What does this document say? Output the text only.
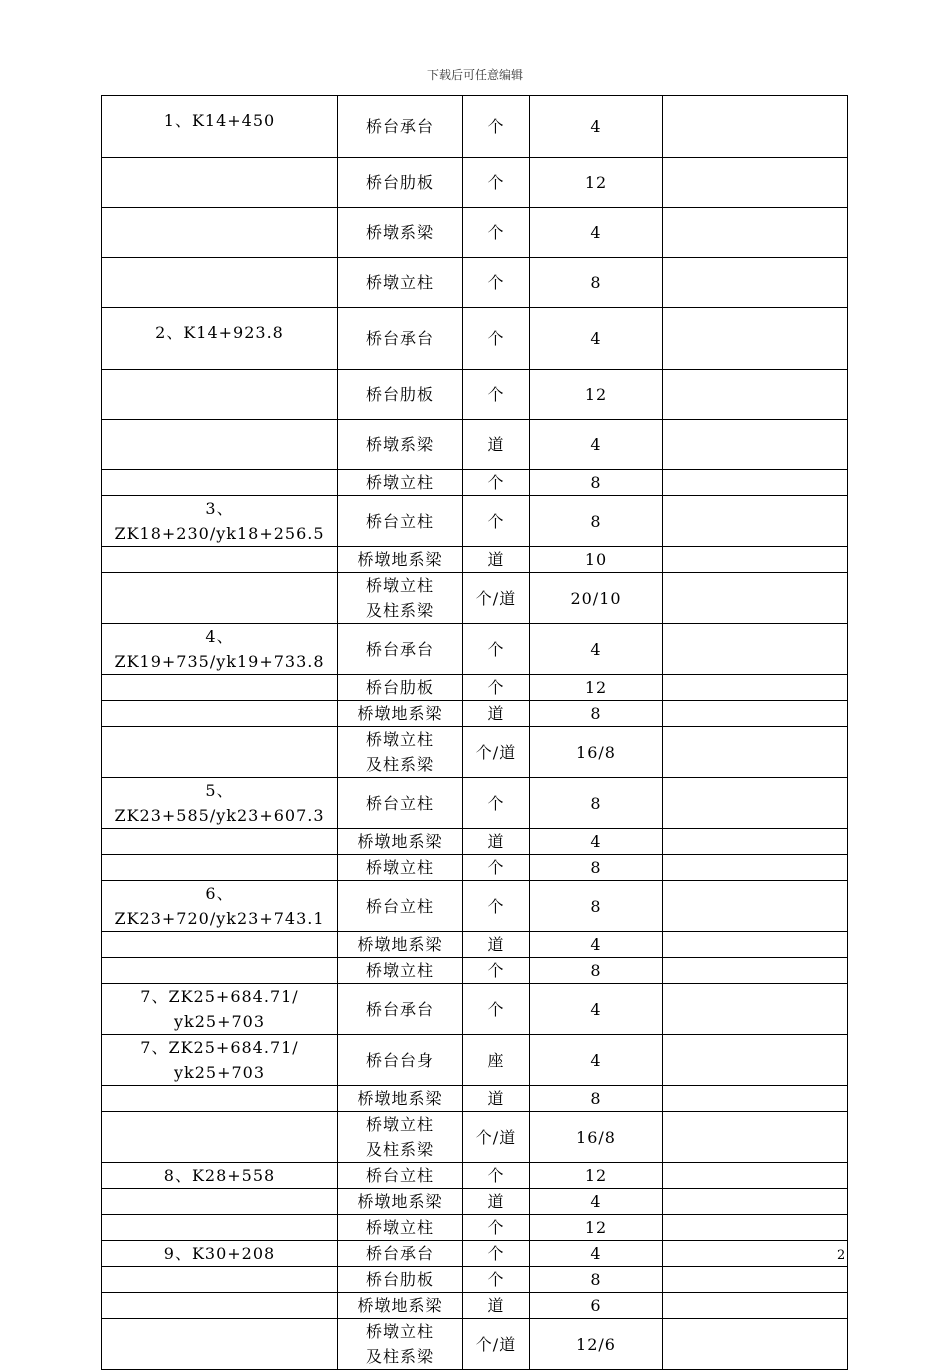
下载后可任意编辑
1、K14+450	桥台承台	个	4	
	桥台肋板	个	12	
	桥墩系梁	个	4	
	桥墩立柱	个	8	
2、K14+923.8	桥台承台	个	4	
	桥台肋板	个	12	
	桥墩系梁	道	4	
	桥墩立柱	个	8	
3、ZK18+230/yk18+256.5	桥台立柱	个	8	
	桥墩地系梁	道	10	

	桥墩立柱
及柱系梁	个/道	20/10	
4、ZK19+735/yk19+733.8	桥台承台	个	4	
	桥台肋板	个	12	
	桥墩地系梁	道	8	

	桥墩立柱
及柱系梁	个/道	16/8	
5、ZK23+585/yk23+607.3	桥台立柱	个	8	
	桥墩地系梁	道	4	
	桥墩立柱	个	8	
6、ZK23+720/yk23+743.1	桥台立柱	个	8	
	桥墩地系梁	道	4	
	桥墩立柱	个	8	

7、ZK25+684.71/
yk25+703	桥台承台	个	4	

7、ZK25+684.71/
yk25+703	桥台台身	座	4	
	桥墩地系梁	道	8	

	桥墩立柱
及柱系梁	个/道	16/8	
8、K28+558	桥台立柱	个	12	
	桥墩地系梁	道	4	
	桥墩立柱	个	12	
9、K30+208	桥台承台	个	4	
	桥台肋板	个	8	
	桥墩地系梁	道	6	

	桥墩立柱
及柱系梁	个/道	12/6	
2
